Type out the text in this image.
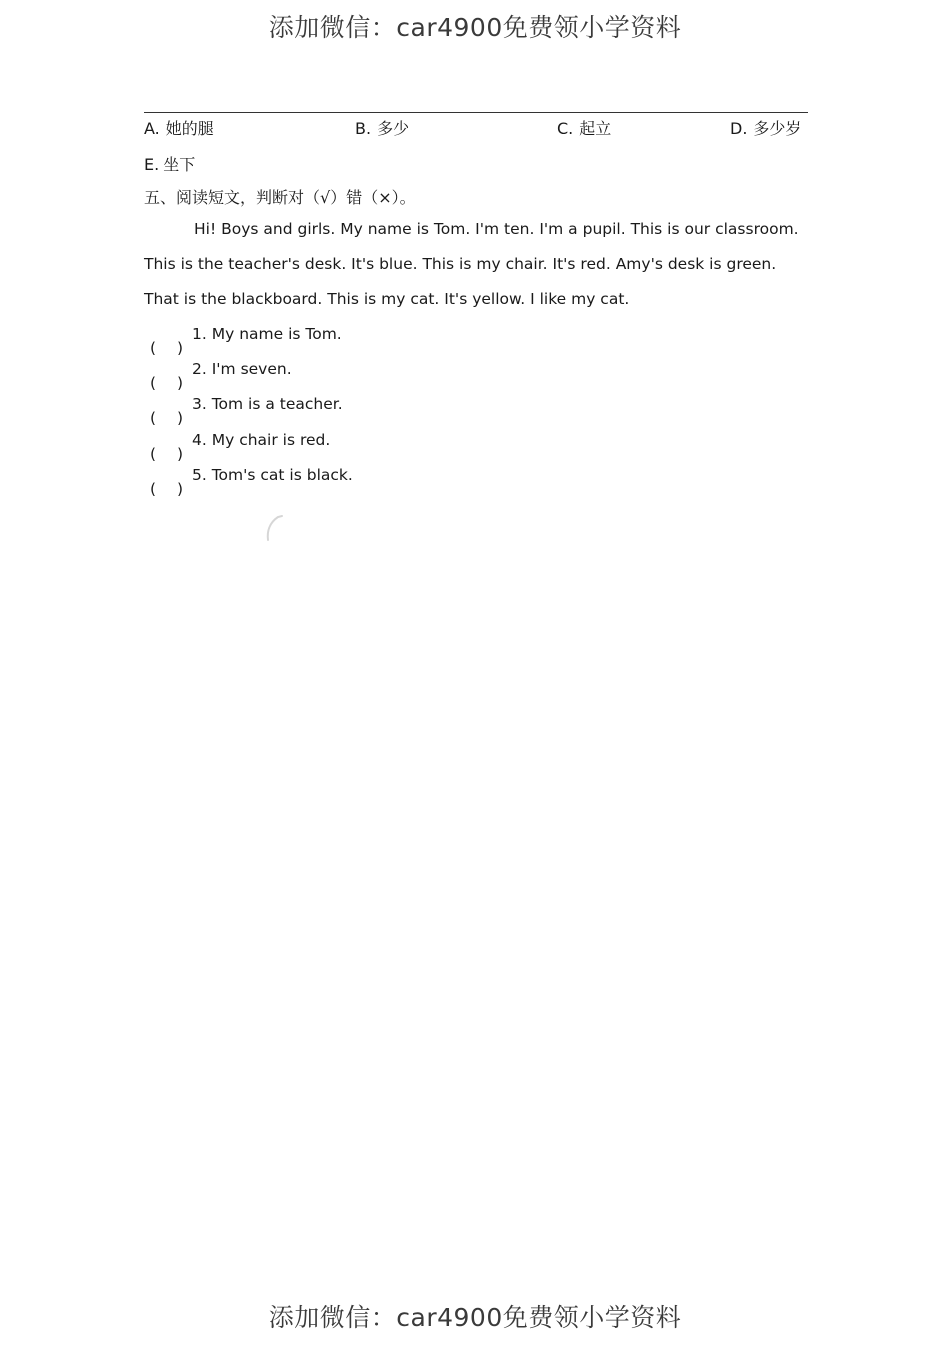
添加微信：car4900免费领小学资料
A. 她的腿	B. 多少	C. 起立	D. 多少岁
E. 坐下
五、阅读短文，判断对（√）错（×）。
Hi! Boys and girls. My name is Tom. I'm ten. I'm a pupil. This is our classroom.
This is the teacher's desk. It's blue. This is my chair. It's red. Amy's desk is green.
That is the blackboard. This is my cat. It's yellow. I like my cat.
( )
1. My name is Tom.
( )
2. I'm seven.
( )
3. Tom is a teacher.
( )
4. My chair is red.
( )
5. Tom's cat is black.
添加微信：car4900免费领小学资料
